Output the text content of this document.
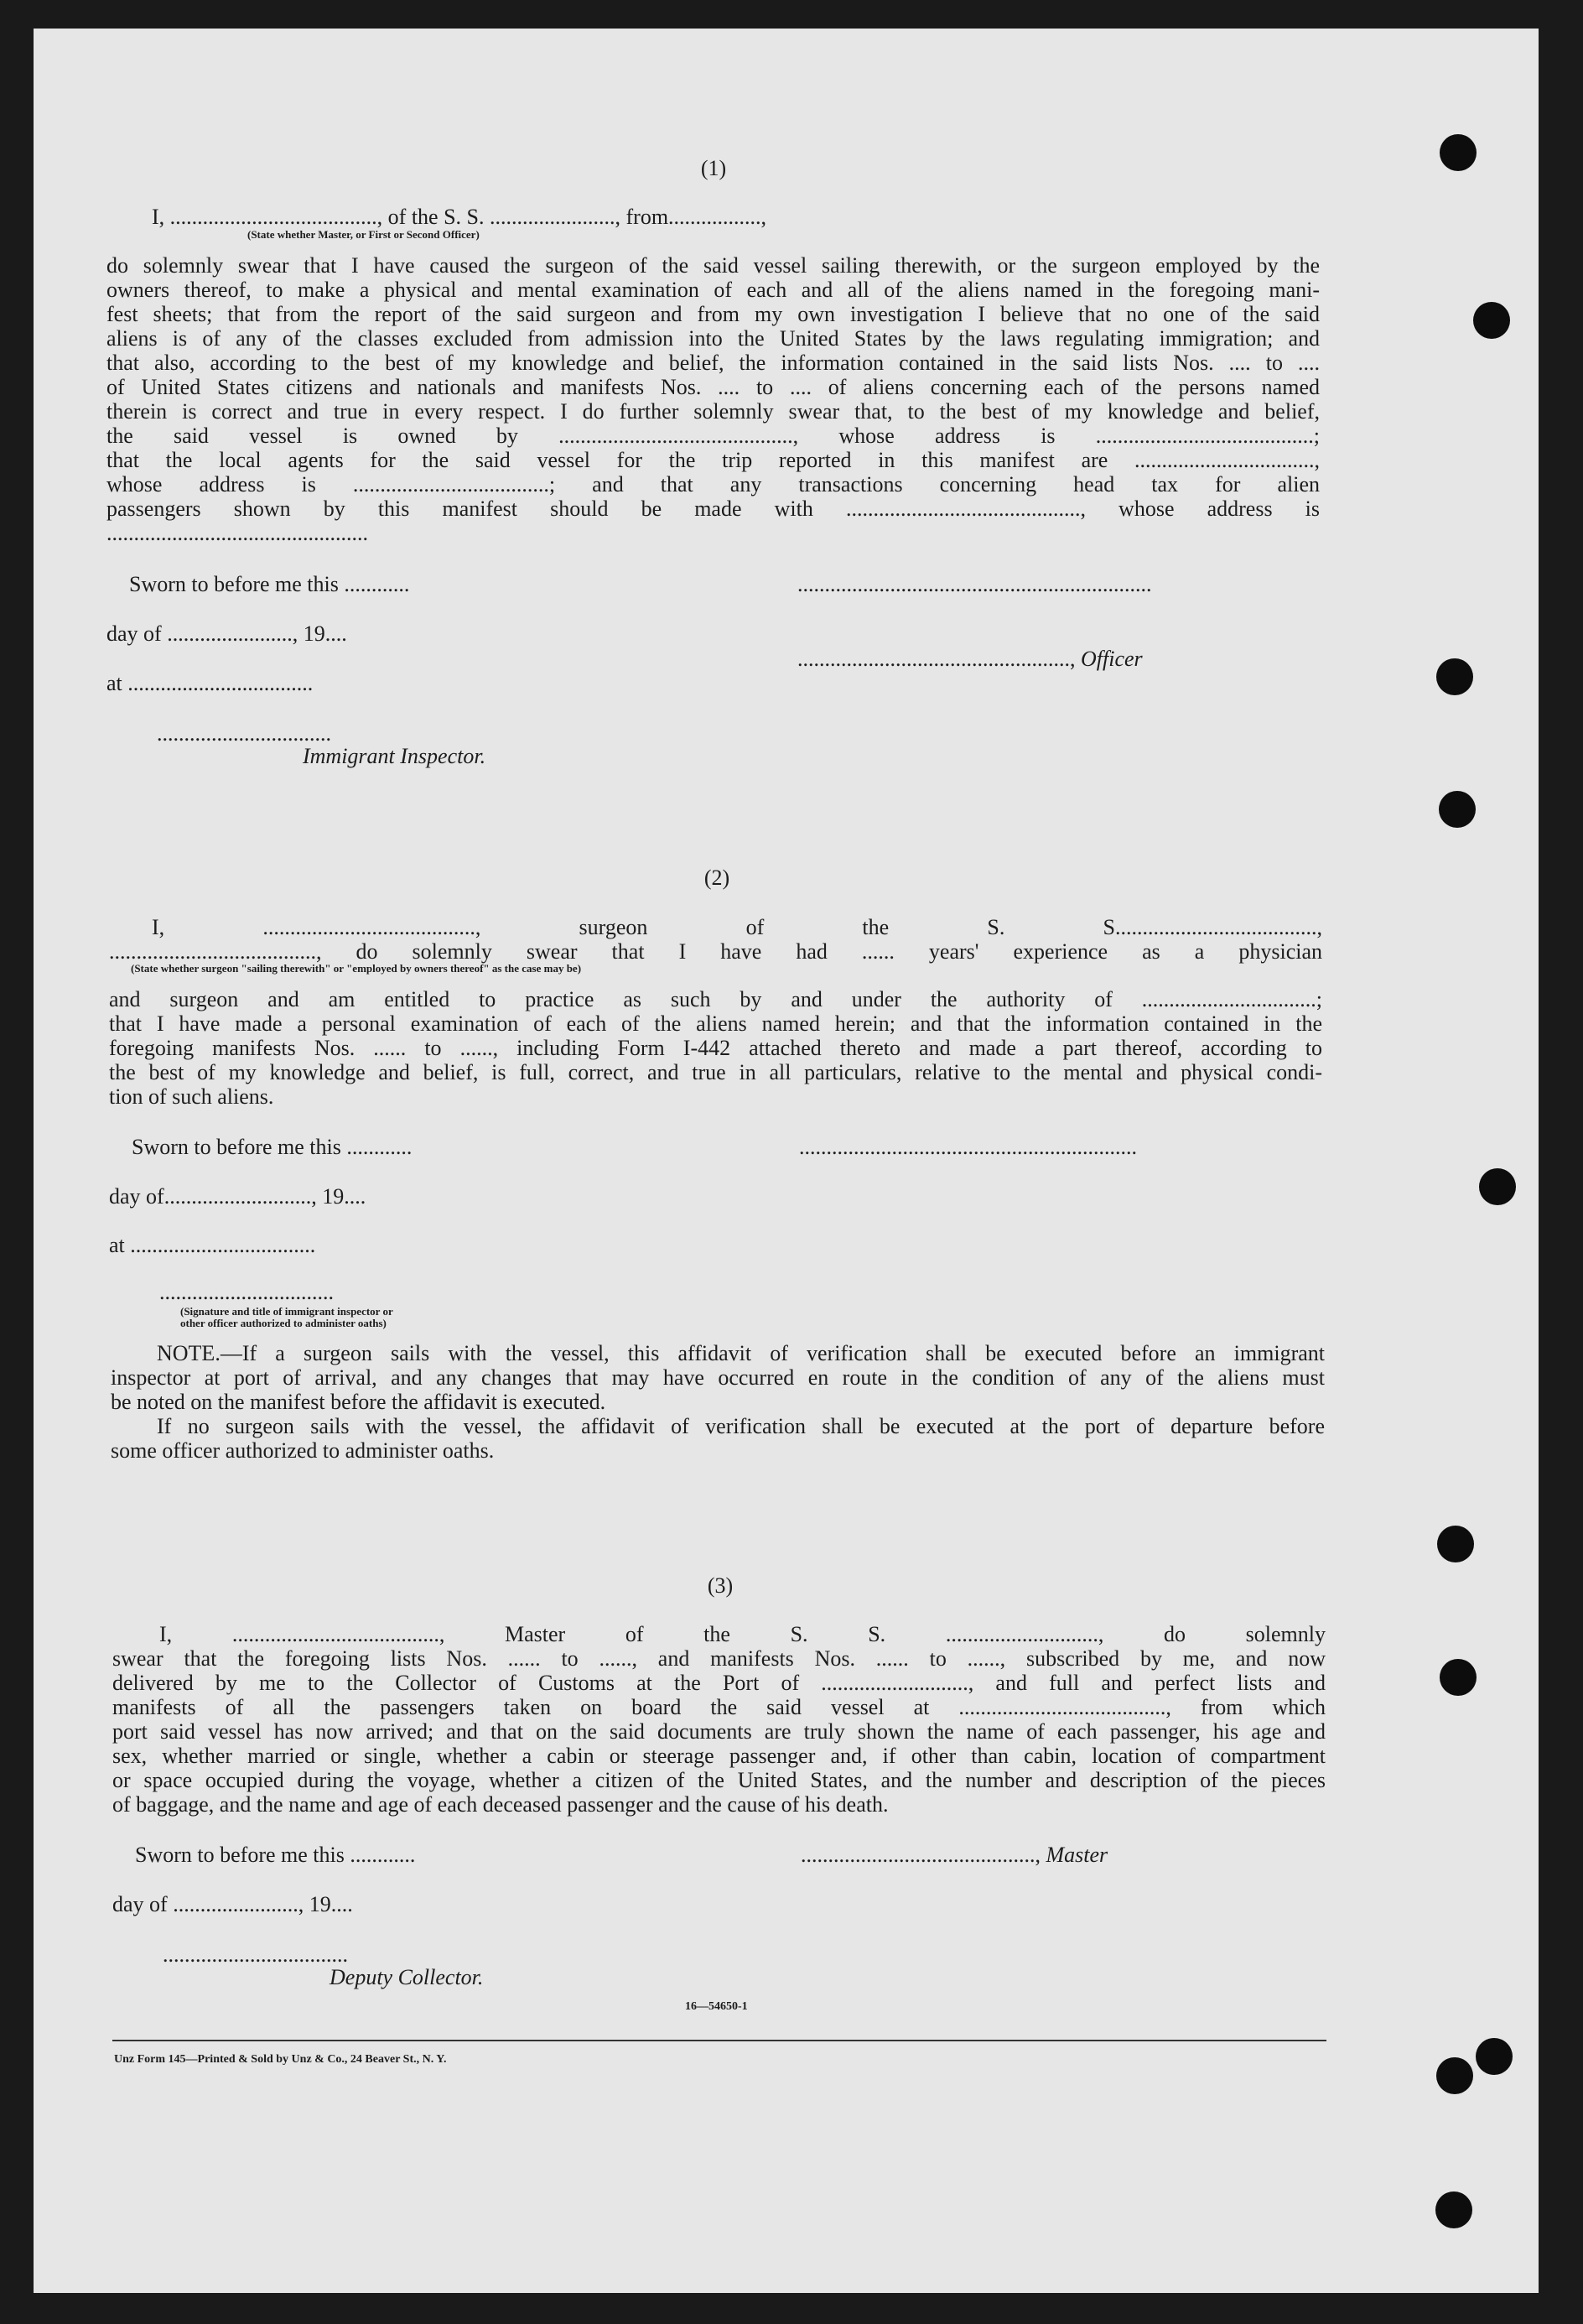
(1)
I, ......................................, of the S. S. ......................., from.................,
(State whether Master, or First or Second Officer)
do solemnly swear that I have caused the surgeon of the said vessel sailing therewith, or the surgeon employed by the
owners thereof, to make a physical and mental examination of each and all of the aliens named in the foregoing mani-
fest sheets; that from the report of the said surgeon and from my own investigation I believe that no one of the said
aliens is of any of the classes excluded from admission into the United States by the laws regulating immigration; and
that also, according to the best of my knowledge and belief, the information contained in the said lists Nos. .... to ....
of United States citizens and nationals and manifests Nos. .... to .... of aliens concerning each of the persons named
therein is correct and true in every respect. I do further solemnly swear that, to the best of my knowledge and belief,
the said vessel is owned by ..........................................., whose address is ........................................;
that the local agents for the said vessel for the trip reported in this manifest are .................................,
whose address is ....................................; and that any transactions concerning head tax for alien
passengers shown by this manifest should be made with ..........................................., whose address is
................................................
Sworn to before me this ............	.................................................................
day of ......................., 19....
.................................................., Officer
at ..................................
................................
Immigrant Inspector.
(2)
I, ......................................., surgeon of the S. S.....................................,
......................................, do solemnly swear that I have had ...... years' experience as a physician
(State whether surgeon "sailing therewith" or "employed by owners thereof" as the case may be)
and surgeon and am entitled to practice as such by and under the authority of ................................;
that I have made a personal examination of each of the aliens named herein; and that the information contained in the
foregoing manifests Nos. ...... to ......, including Form I-442 attached thereto and made a part thereof, according to
the best of my knowledge and belief, is full, correct, and true in all particulars, relative to the mental and physical condi-
tion of such aliens.
Sworn to before me this ............	..............................................................
day of..........................., 19....
at ..................................
................................
(Signature and title of immigrant inspector or
other officer authorized to administer oaths)
NOTE.—If a surgeon sails with the vessel, this affidavit of verification shall be executed before an immigrant
inspector at port of arrival, and any changes that may have occurred en route in the condition of any of the aliens must
be noted on the manifest before the affidavit is executed.
If no surgeon sails with the vessel, the affidavit of verification shall be executed at the port of departure before
some officer authorized to administer oaths.
(3)
I, ......................................, Master of the S. S. ............................, do solemnly
swear that the foregoing lists Nos. ...... to ......, and manifests Nos. ...... to ......, subscribed by me, and now
delivered by me to the Collector of Customs at the Port of ..........................., and full and perfect lists and
manifests of all the passengers taken on board the said vessel at ......................................, from which
port said vessel has now arrived; and that on the said documents are truly shown the name of each passenger, his age and
sex, whether married or single, whether a cabin or steerage passenger and, if other than cabin, location of compartment
or space occupied during the voyage, whether a citizen of the United States, and the number and description of the pieces
of baggage, and the name and age of each deceased passenger and the cause of his death.
Sworn to before me this ............	..........................................., Master
day of ......................., 19....
..................................
Deputy Collector.
16—54650-1
Unz Form 145—Printed & Sold by Unz & Co., 24 Beaver St., N. Y.
